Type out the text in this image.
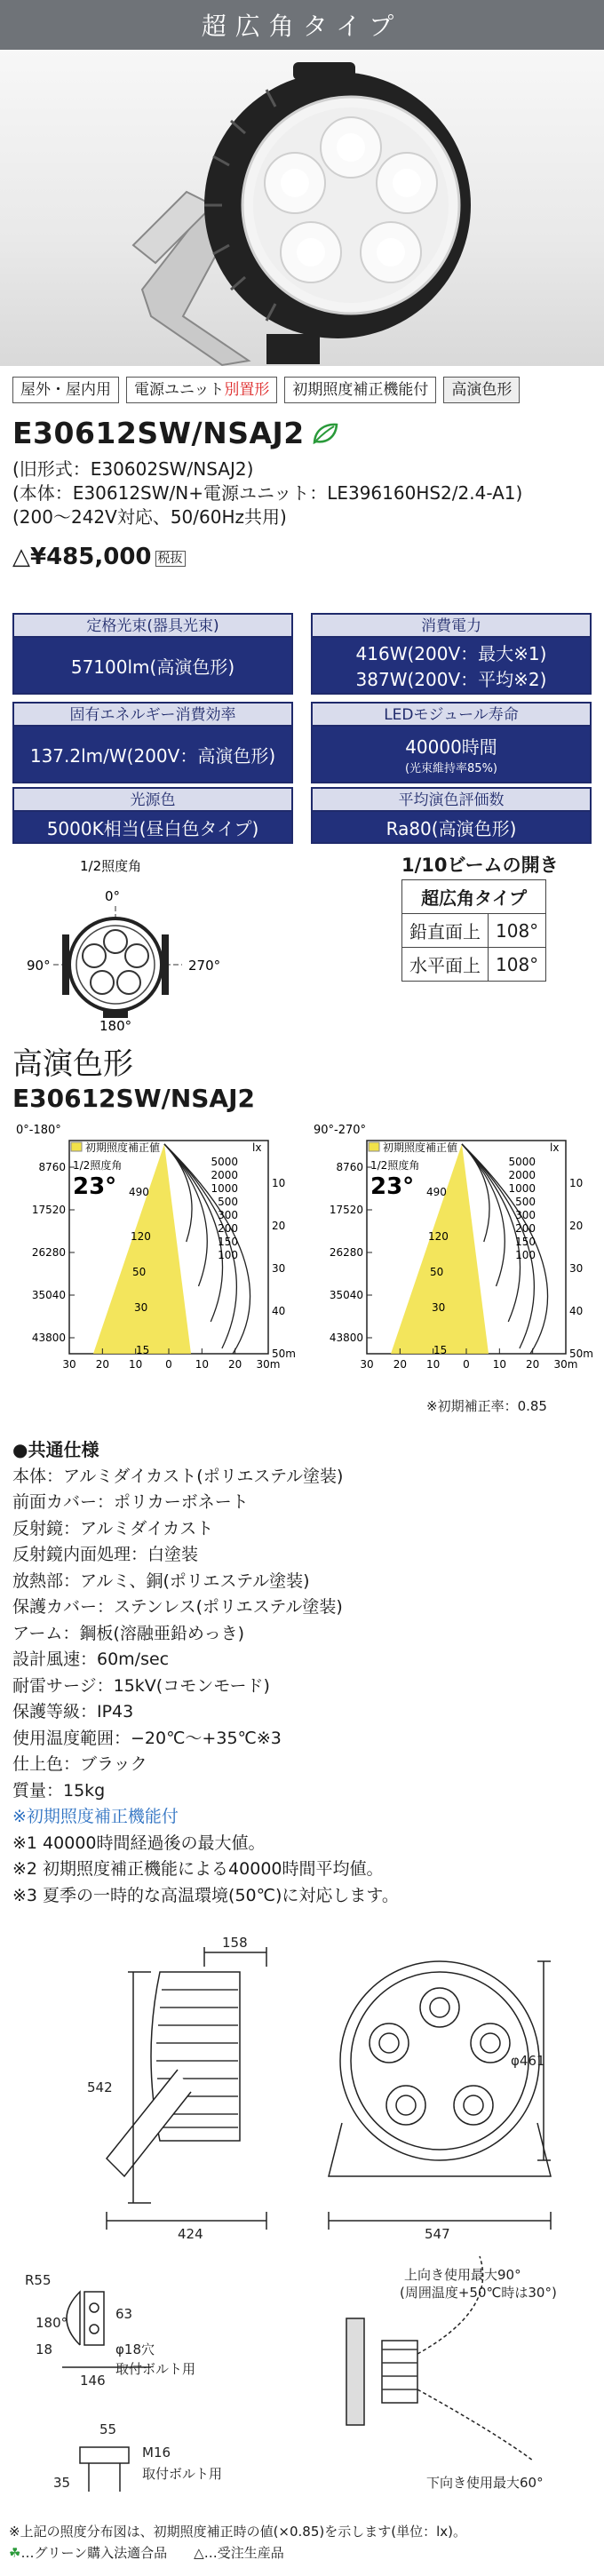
超広角タイプ
屋外・屋内用	電源ユニット別置形	初期照度補正機能付	高演色形
E30612SW/NSAJ2
(旧形式：E30602SW/NSAJ2)
(本体：E30612SW/N+電源ユニット：LE396160HS2/2.4-A1)
(200〜242V対応、50/60Hz共用)
△¥485,000 税抜
定格光束(器具光束)
57100lm(高演色形)
消費電力
416W(200V：最大※1)
387W(200V：平均※2)
固有エネルギー消費効率
137.2lm/W(200V：高演色形)
LEDモジュール寿命
40000時間
(光束維持率85%)
光源色
5000K相当(昼白色タイプ)
平均演色評価数
Ra80(高演色形)
1/2照度角
0°
90°	270°
180°
1/10ビームの開き
超広角タイプ	
鉛直面上	108°
水平面上	108°
高演色形
E30612SW/NSAJ2
0°-180°
初期照度補正値	lx
1/2照度角
23° 490
120
50
30
15
5000
2000
1000
500
300
200
150
100
8760
17520
26280
35040
43800
10
20
30
40
50m
30 20 10 0 10 20 30m
90°-270°
初期照度補正値	lx
1/2照度角
23° 490
120
50
30
15
5000
2000
1000
500
300
200
150
100
8760
17520
26280
35040
43800
10
20
30
40
50m
30 20 10 0 10 20 30m
※初期補正率：0.85
●共通仕様
本体：アルミダイカスト(ポリエステル塗装)
前面カバー：ポリカーボネート
反射鏡：アルミダイカスト
反射鏡内面処理：白塗装
放熱部：アルミ、銅(ポリエステル塗装)
保護カバー：ステンレス(ポリエステル塗装)
アーム：鋼板(溶融亜鉛めっき)
設計風速：60m/sec
耐雷サージ：15kV(コモンモード)
保護等級：IP43
使用温度範囲：−20℃〜+35℃※3
仕上色：ブラック
質量：15kg
※初期照度補正機能付
※1 40000時間経過後の最大値。
※2 初期照度補正機能による40000時間平均値。
※3 夏季の一時的な高温環境(50℃)に対応します。
158
542
φ461
424	547
R55
180°
63
18	φ18穴
取付ボルト用
146
55
M16
取付ボルト用
35
上向き使用最大90°
(周囲温度+50℃時は30°)
下向き使用最大60°
※上記の照度分布図は、初期照度補正時の値(×0.85)を示します(単位：lx)。
☘…グリーン購入法適合品　　△…受注生産品
